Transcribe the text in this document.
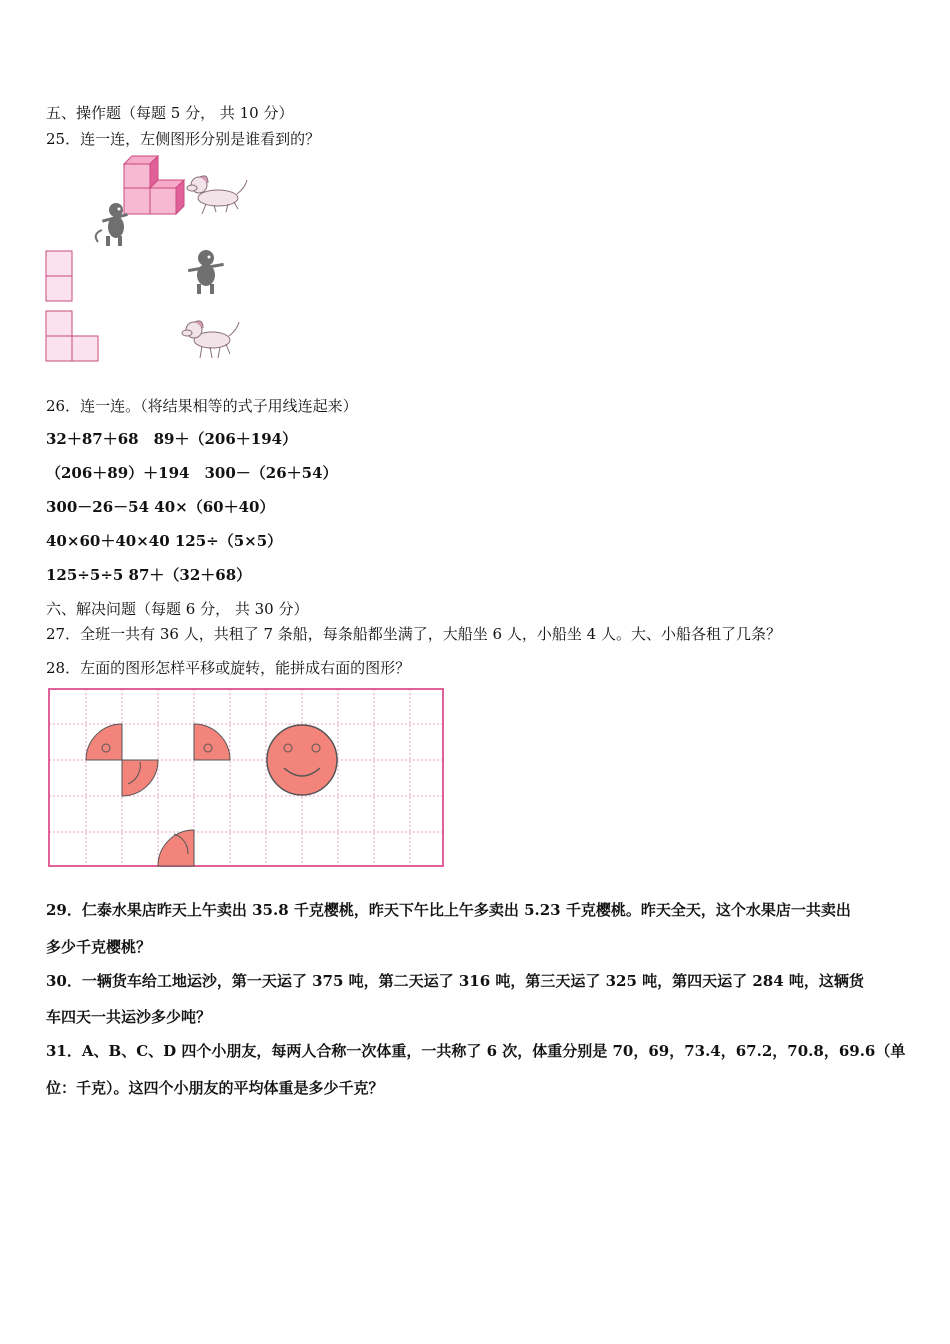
五、操作题（每题 5 分， 共 10 分）
25．连一连，左侧图形分别是谁看到的？
26．连一连。（将结果相等的式子用线连起来）
32＋87＋68　89＋（206＋194）
（206＋89）＋194　300－（26＋54）
300－26－54 40×（60＋40）
40×60＋40×40 125÷（5×5）
125÷5÷5 87＋（32＋68）
六、解决问题（每题 6 分， 共 30 分）
27．全班一共有 36 人，共租了 7 条船，每条船都坐满了，大船坐 6 人，小船坐 4 人。大、小船各租了几条？
28．左面的图形怎样平移或旋转，能拼成右面的图形？
29．仁泰水果店昨天上午卖出 35.8 千克樱桃，昨天下午比上午多卖出 5.23 千克樱桃。昨天全天，这个水果店一共卖出
多少千克樱桃？
30．一辆货车给工地运沙，第一天运了 375 吨，第二天运了 316 吨，第三天运了 325 吨，第四天运了 284 吨，这辆货
车四天一共运沙多少吨？
31．A、B、C、D 四个小朋友，每两人合称一次体重，一共称了 6 次，体重分别是 70，69，73.4，67.2，70.8，69.6（单
位：千克）。这四个小朋友的平均体重是多少千克？
